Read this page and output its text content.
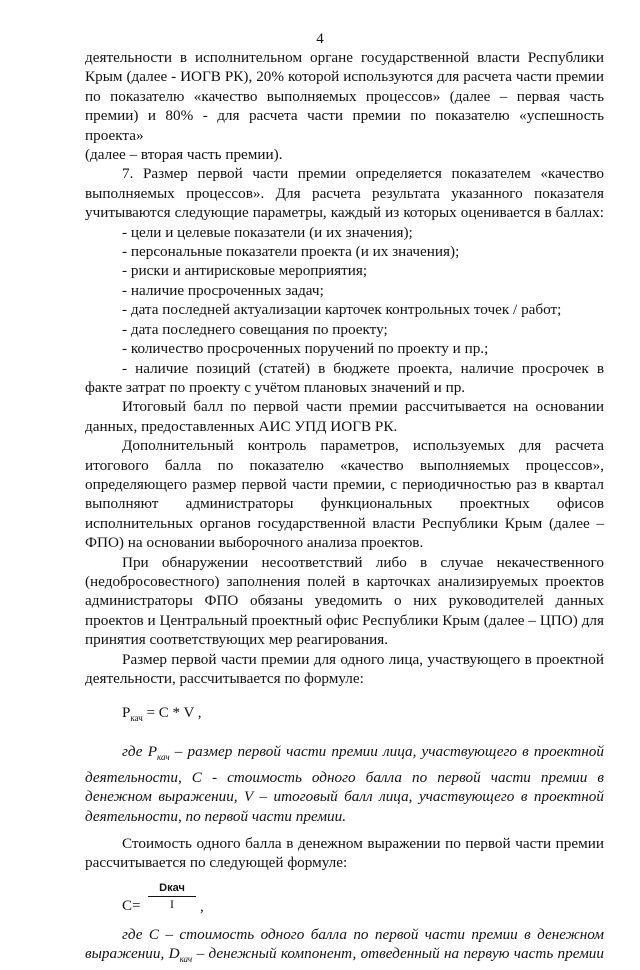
4

деятельности в исполнительном органе государственной власти Республики

Крым (далее - ИОГВ РК), 20% которой используются для расчета части премии

по показателю «качество выполняемых процессов» (далее – первая часть

премии) и 80% - для расчета части премии по показателю «успешность проекта»

(далее – вторая часть премии).

7. Размер первой части премии определяется показателем «качество

выполняемых процессов». Для расчета результата указанного показателя

учитываются следующие параметры, каждый из которых оценивается в баллах:

- цели и целевые показатели (и их значения);

- персональные показатели проекта (и их значения);

- риски и антирисковые мероприятия;

- наличие просроченных задач;

- дата последней актуализации карточек контрольных точек / работ;

- дата последнего совещания по проекту;

- количество просроченных поручений по проекту и пр.;

- наличие позиций (статей) в бюджете проекта, наличие просрочек в

факте затрат по проекту с учётом плановых значений и пр.

Итоговый балл по первой части премии рассчитывается на основании

данных, предоставленных АИС УПД ИОГВ РК.

Дополнительный контроль параметров, используемых для расчета

итогового балла по показателю «качество выполняемых процессов»,

определяющего размер первой части премии, с периодичностью раз в квартал

выполняют администраторы функциональных проектных офисов

исполнительных органов государственной власти Республики Крым (далее –

ФПО) на основании выборочного анализа проектов.

При обнаружении несоответствий либо в случае некачественного

(недобросовестного) заполнения полей в карточках анализируемых проектов

администраторы ФПО обязаны уведомить о них руководителей данных

проектов и Центральный проектный офис Республики Крым (далее – ЦПО) для

принятия соответствующих мер реагирования.

Размер первой части премии для одного лица, участвующего в проектной

деятельности, рассчитывается по формуле:

$P_{кач} = C * V$ ,

где $P_{кач}$ – размер первой части премии лица, участвующего в проектной

деятельности, С - стоимость одного балла по первой части премии в

денежном выражении, V – итоговый балл лица, участвующего в проектной

деятельности, по первой части премии.

Стоимость одного балла в денежном выражении по первой части премии

рассчитывается по следующей формуле:

C=
Dкач
I	,

где С – стоимость одного балла по первой части премии в денежном

выражении, $D_{кач}$ – денежный компонент, отведенный на первую часть премии
